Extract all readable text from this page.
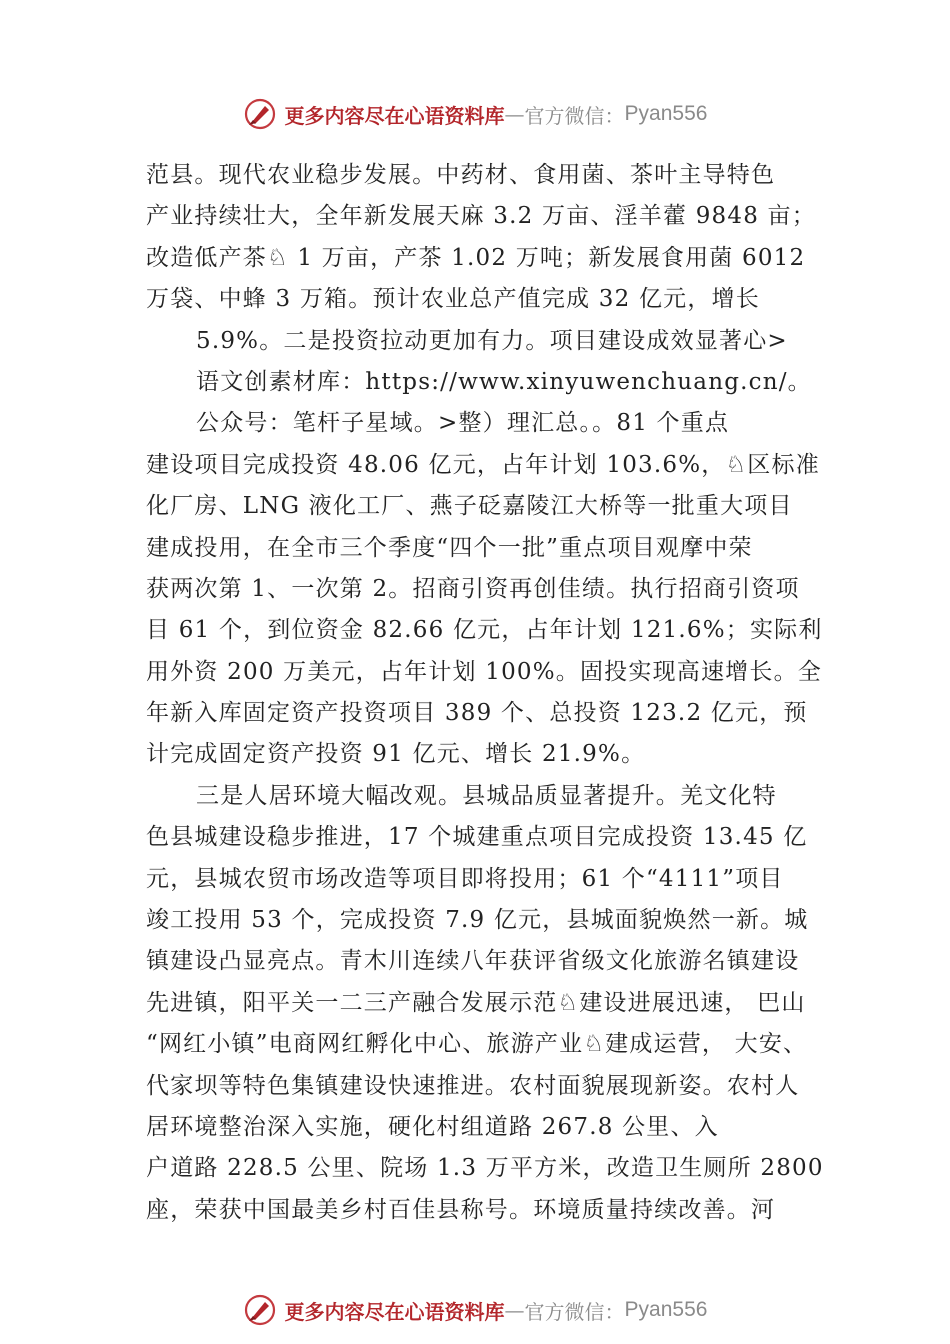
更多内容尽在心语资料库 — 官方微信： Pyan556
范县。现代农业稳步发展。中药材、食用菌、茶叶主导特色
产业持续壮大，全年新发展天麻 3.2 万亩、淫羊藿 9848 亩；
改造低产茶♘ 1 万亩，产茶 1.02 万吨；新发展食用菌 6012
万袋、中蜂 3 万箱。预计农业总产值完成 32 亿元，增长
5.9%。二是投资拉动更加有力。项目建设成效显著心>
语文创素材库：https://www.xinyuwenchuang.cn/。
公众号：笔杆子星域。>整）理汇总。。81 个重点
建设项目完成投资 48.06 亿元，占年计划 103.6%，♘区标准
化厂房、LNG 液化工厂、燕子砭嘉陵江大桥等一批重大项目
建成投用，在全市三个季度“四个一批”重点项目观摩中荣
获两次第 1、一次第 2。招商引资再创佳绩。执行招商引资项
目 61 个，到位资金 82.66 亿元，占年计划 121.6%；实际利
用外资 200 万美元，占年计划 100%。固投实现高速增长。全
年新入库固定资产投资项目 389 个、总投资 123.2 亿元，预
计完成固定资产投资 91 亿元、增长 21.9%。
三是人居环境大幅改观。县城品质显著提升。羌文化特
色县城建设稳步推进，17 个城建重点项目完成投资 13.45 亿
元，县城农贸市场改造等项目即将投用；61 个“4111”项目
竣工投用 53 个，完成投资 7.9 亿元，县城面貌焕然一新。城
镇建设凸显亮点。青木川连续八年获评省级文化旅游名镇建设
先进镇，阳平关一二三产融合发展示范♘建设进展迅速， 巴山
“网红小镇”电商网红孵化中心、旅游产业♘建成运营， 大安、
代家坝等特色集镇建设快速推进。农村面貌展现新姿。农村人
居环境整治深入实施，硬化村组道路 267.8 公里、入
户道路 228.5 公里、院场 1.3 万平方米，改造卫生厕所 2800
座，荣获中国最美乡村百佳县称号。环境质量持续改善。河
更多内容尽在心语资料库 — 官方微信： Pyan556
